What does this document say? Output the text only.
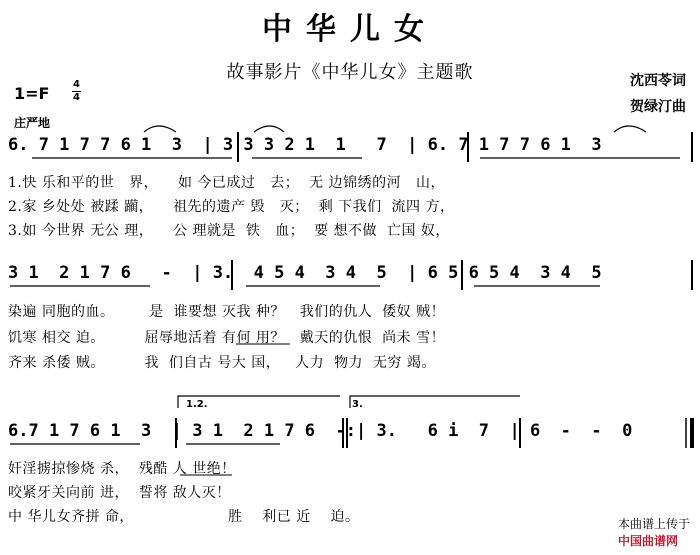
中华儿女
故事影片《中华儿女》主题歌	沈西苓词
贺绿汀曲
1=F 4
4
庄严地
6. 7 1 7 7 6 1  3  | 3 3 3 2 1  1   7  | 6. 7 1 7 7 6 1  3
1.快 乐和平的世   界，    如 今已成过   去；  无 边锦绣的河   山，
2.家 乡处处 被蹂 躏，    祖先的遗产 毁   灭；  剩 下我们  流四 方，
3.如 今世界 无公 理，    公 理就是  铁   血；  要 想不做  亡国 奴，
3 1  2 1 7 6   -  | 3.  4 5 4  3 4  5  | 6 5 6 5 4  3 4  5
染遍 同胞的血。       是  谁要想 灭我 种？   我们的仇人  倭奴 贼！
饥寒 相交 迫。        屈辱地活着 有何 用？   戴天的仇恨  尚未 雪！
齐来 杀倭 贼。        我  们自古 号大 国，   人力  物力  无穷 竭。
1.2.	3.
6.7 1 7 6 1  3  | 3 1  2 1 7 6  -:| 3.   6 i  7  | 6  -  -  0
奸淫掳掠惨烧 杀，  残酷 人 世绝！
咬紧牙关向前 进，  誓将 敌人灭！
中 华儿女齐拼 命，                   胜    利已 近    迫。	本曲谱上传于
中国曲谱网
